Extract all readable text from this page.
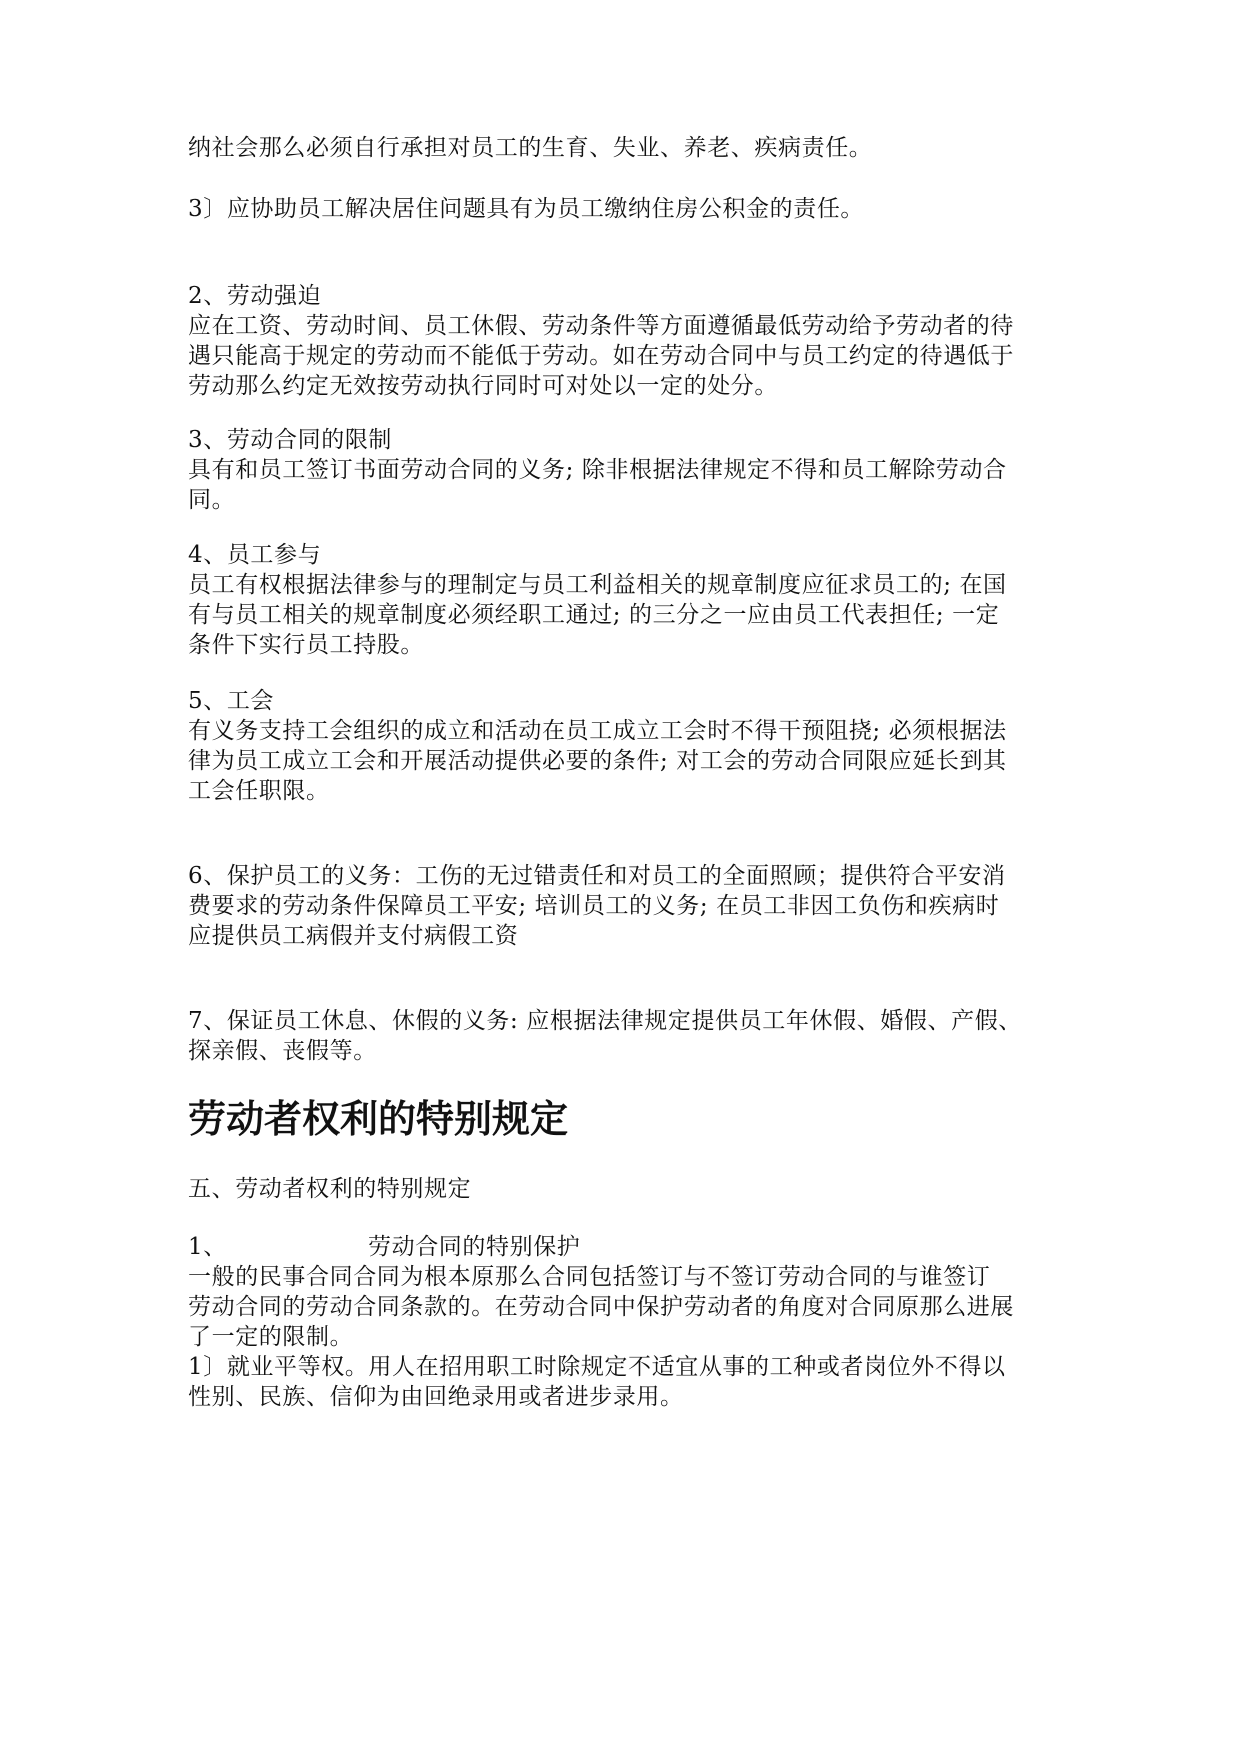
纳社会那么必须自行承担对员工的生育、失业、养老、疾病责任。
3〕应协助员工解决居住问题具有为员工缴纳住房公积金的责任。
2、劳动强迫
应在工资、劳动时间、员工休假、劳动条件等方面遵循最低劳动给予劳动者的待
遇只能高于规定的劳动而不能低于劳动。如在劳动合同中与员工约定的待遇低于
劳动那么约定无效按劳动执行同时可对处以一定的处分。
3、劳动合同的限制
具有和员工签订书面劳动合同的义务; 除非根据法律规定不得和员工解除劳动合
同。
4、员工参与
员工有权根据法律参与的理制定与员工利益相关的规章制度应征求员工的; 在国
有与员工相关的规章制度必须经职工通过; 的三分之一应由员工代表担任; 一定
条件下实行员工持股。
5、工会
有义务支持工会组织的成立和活动在员工成立工会时不得干预阻挠; 必须根据法
律为员工成立工会和开展活动提供必要的条件; 对工会的劳动合同限应延长到其
工会任职限。
6、保护员工的义务：工伤的无过错责任和对员工的全面照顾；提供符合平安消
费要求的劳动条件保障员工平安; 培训员工的义务; 在员工非因工负伤和疾病时
应提供员工病假并支付病假工资
7、保证员工休息、休假的义务: 应根据法律规定提供员工年休假、婚假、产假、
探亲假、丧假等。
劳动者权利的特别规定
五、劳动者权利的特别规定
1、	劳动合同的特别保护
一般的民事合同合同为根本原那么合同包括签订与不签订劳动合同的与谁签订
劳动合同的劳动合同条款的。在劳动合同中保护劳动者的角度对合同原那么进展
了一定的限制。
1〕就业平等权。用人在招用职工时除规定不适宜从事的工种或者岗位外不得以
性别、民族、信仰为由回绝录用或者进步录用。
